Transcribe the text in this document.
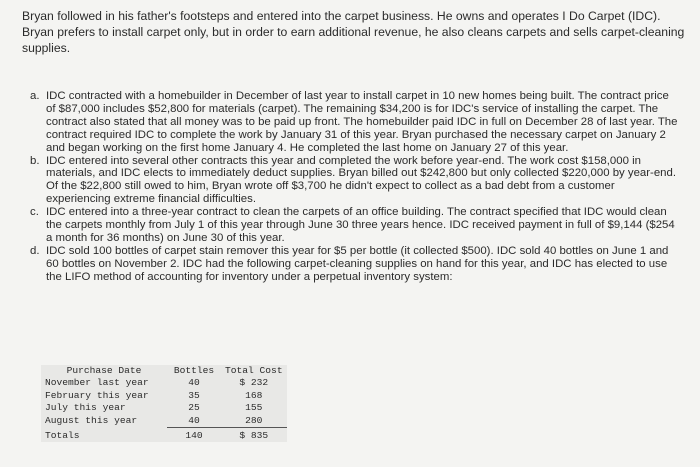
Bryan followed in his father's footsteps and entered into the carpet business. He owns and operates I Do Carpet (IDC). Bryan prefers to install carpet only, but in order to earn additional revenue, he also cleans carpets and sells carpet-cleaning supplies.
a. IDC contracted with a homebuilder in December of last year to install carpet in 10 new homes being built. The contract price of $87,000 includes $52,800 for materials (carpet). The remaining $34,200 is for IDC's service of installing the carpet. The contract also stated that all money was to be paid up front. The homebuilder paid IDC in full on December 28 of last year. The contract required IDC to complete the work by January 31 of this year. Bryan purchased the necessary carpet on January 2 and began working on the first home January 4. He completed the last home on January 27 of this year.
b. IDC entered into several other contracts this year and completed the work before year-end. The work cost $158,000 in materials, and IDC elects to immediately deduct supplies. Bryan billed out $242,800 but only collected $220,000 by year-end. Of the $22,800 still owed to him, Bryan wrote off $3,700 he didn't expect to collect as a bad debt from a customer experiencing extreme financial difficulties.
c. IDC entered into a three-year contract to clean the carpets of an office building. The contract specified that IDC would clean the carpets monthly from July 1 of this year through June 30 three years hence. IDC received payment in full of $9,144 ($254 a month for 36 months) on June 30 of this year.
d. IDC sold 100 bottles of carpet stain remover this year for $5 per bottle (it collected $500). IDC sold 40 bottles on June 1 and 60 bottles on November 2. IDC had the following carpet-cleaning supplies on hand for this year, and IDC has elected to use the LIFO method of accounting for inventory under a perpetual inventory system:
Purchase Date	Bottles	Total Cost
November last year	40	$ 232
February this year	35	168
July this year	25	155
August this year	40	280
Totals	140	$ 835
